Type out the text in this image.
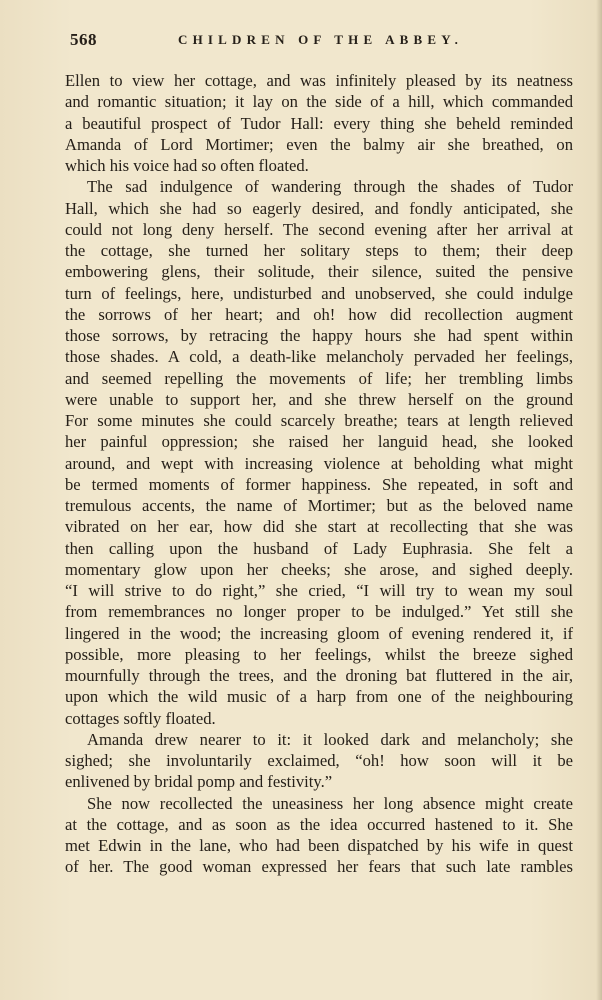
568	CHILDREN OF THE ABBEY.
Ellen to view her cottage, and was infinitely pleased by its neatness
and romantic situation; it lay on the side of a hill, which commanded
a beautiful prospect of Tudor Hall: every thing she beheld reminded
Amanda of Lord Mortimer; even the balmy air she breathed, on
which his voice had so often floated.
The sad indulgence of wandering through the shades of Tudor
Hall, which she had so eagerly desired, and fondly anticipated, she
could not long deny herself. The second evening after her arrival at
the cottage, she turned her solitary steps to them; their deep
embowering glens, their solitude, their silence, suited the pensive
turn of feelings, here, undisturbed and unobserved, she could indulge
the sorrows of her heart; and oh! how did recollection augment
those sorrows, by retracing the happy hours she had spent within
those shades. A cold, a death-like melancholy pervaded her feelings,
and seemed repelling the movements of life; her trembling limbs
were unable to support her, and she threw herself on the ground
For some minutes she could scarcely breathe; tears at length relieved
her painful oppression; she raised her languid head, she looked
around, and wept with increasing violence at beholding what might
be termed moments of former happiness. She repeated, in soft and
tremulous accents, the name of Mortimer; but as the beloved name
vibrated on her ear, how did she start at recollecting that she was
then calling upon the husband of Lady Euphrasia. She felt a
momentary glow upon her cheeks; she arose, and sighed deeply.
“I will strive to do right,” she cried, “I will try to wean my soul
from remembrances no longer proper to be indulged.” Yet still she
lingered in the wood; the increasing gloom of evening rendered it, if
possible, more pleasing to her feelings, whilst the breeze sighed
mournfully through the trees, and the droning bat fluttered in the air,
upon which the wild music of a harp from one of the neighbouring
cottages softly floated.
Amanda drew nearer to it: it looked dark and melancholy; she
sighed; she involuntarily exclaimed, “oh! how soon will it be
enlivened by bridal pomp and festivity.”
She now recollected the uneasiness her long absence might create
at the cottage, and as soon as the idea occurred hastened to it. She
met Edwin in the lane, who had been dispatched by his wife in quest
of her. The good woman expressed her fears that such late rambles
